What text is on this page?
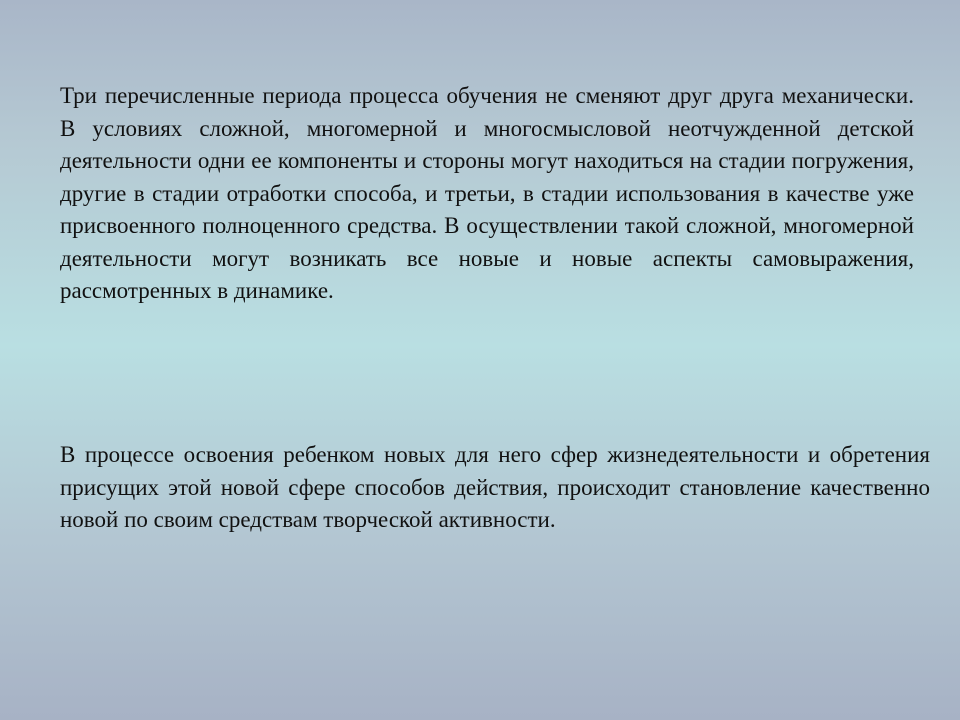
Три перечисленные периода процесса обучения не сменяют друг друга механически. В условиях сложной, многомерной и многосмысловой неотчужденной детской деятельности одни ее компоненты и стороны могут находиться на стадии погружения, другие в стадии отработки способа, и третьи, в стадии использования в качестве уже присвоенного полноценного средства. В осуществлении такой сложной, многомерной деятельности могут возникать все новые и новые аспекты самовыражения, рассмотренных в динамике.

В процессе освоения ребенком новых для него сфер жизнедеятельности и обретения присущих этой новой сфере способов действия, происходит становление качественно новой по своим средствам творческой активности.
